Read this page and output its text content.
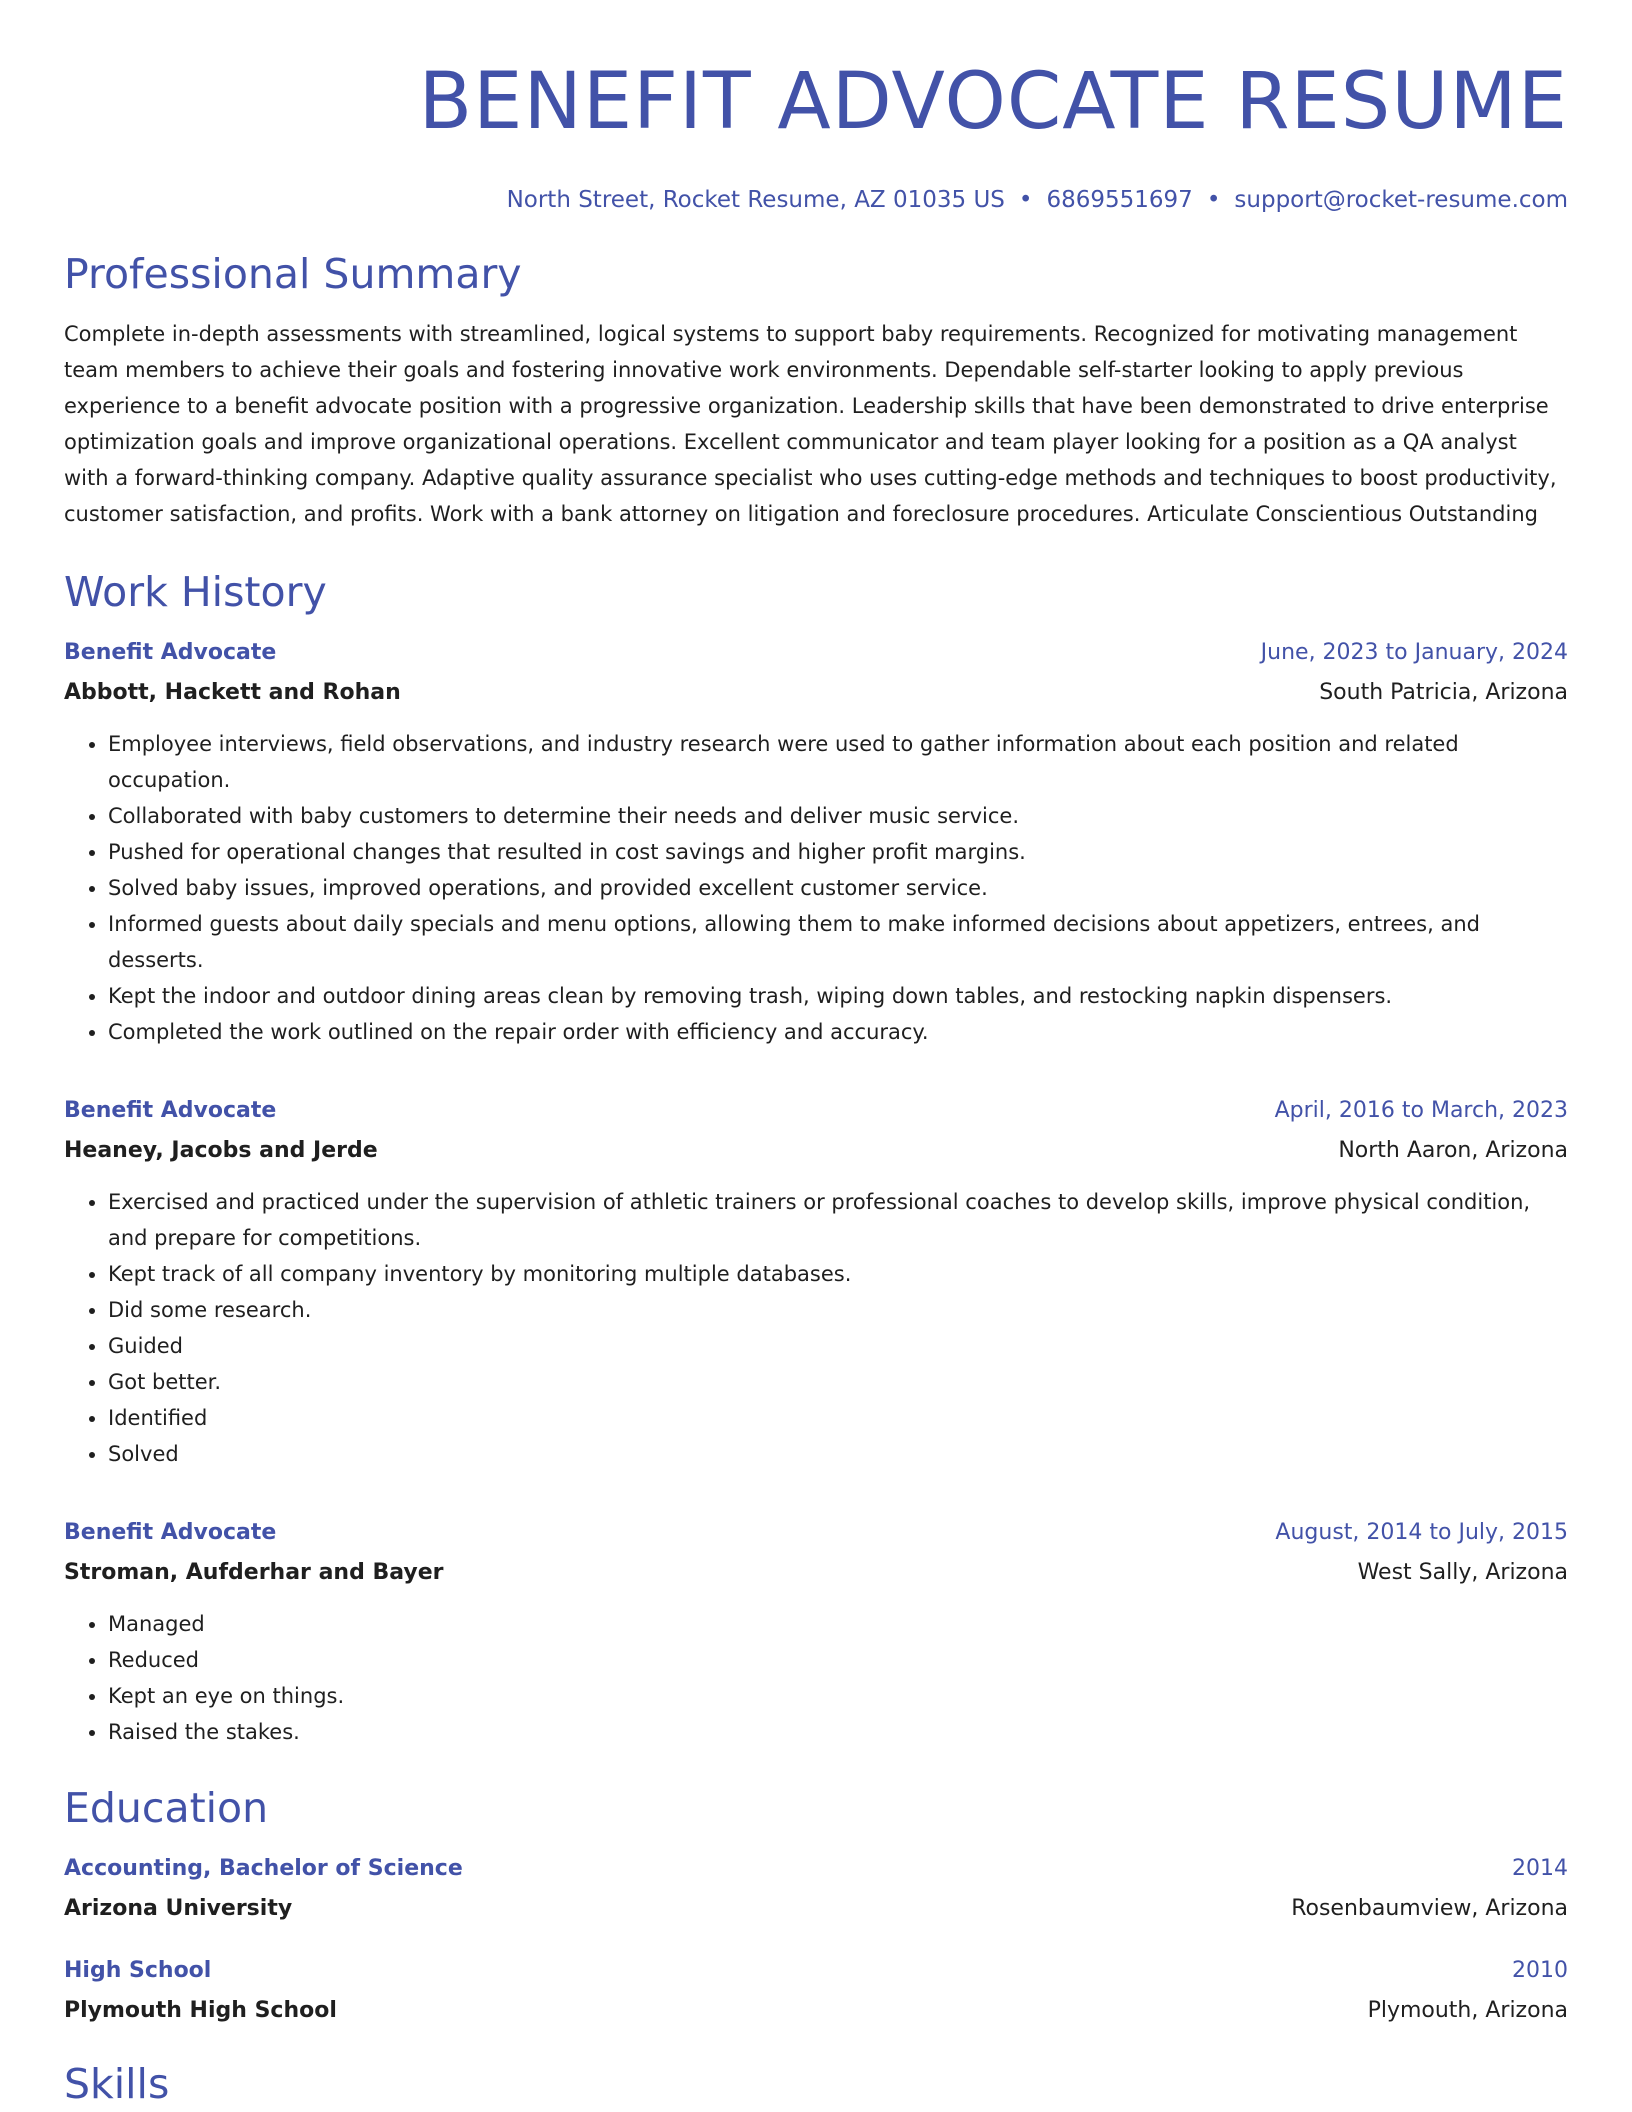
BENEFIT ADVOCATE RESUME
North Street, Rocket Resume, AZ 01035 US • 6869551697 • support@rocket-resume.com
Professional Summary
Complete in-depth assessments with streamlined, logical systems to support baby requirements. Recognized for motivating management team members to achieve their goals and fostering innovative work environments. Dependable self-starter looking to apply previous experience to a benefit advocate position with a progressive organization. Leadership skills that have been demonstrated to drive enterprise optimization goals and improve organizational operations. Excellent communicator and team player looking for a position as a QA analyst with a forward-thinking company. Adaptive quality assurance specialist who uses cutting-edge methods and techniques to boost productivity, customer satisfaction, and profits. Work with a bank attorney on litigation and foreclosure procedures. Articulate Conscientious Outstanding
Work History
Benefit Advocate	June, 2023 to January, 2024
Abbott, Hackett and Rohan	South Patricia, Arizona
• Employee interviews, field observations, and industry research were used to gather information about each position and related occupation.
• Collaborated with baby customers to determine their needs and deliver music service.
• Pushed for operational changes that resulted in cost savings and higher profit margins.
• Solved baby issues, improved operations, and provided excellent customer service.
• Informed guests about daily specials and menu options, allowing them to make informed decisions about appetizers, entrees, and desserts.
• Kept the indoor and outdoor dining areas clean by removing trash, wiping down tables, and restocking napkin dispensers.
• Completed the work outlined on the repair order with efficiency and accuracy.
Benefit Advocate	April, 2016 to March, 2023
Heaney, Jacobs and Jerde	North Aaron, Arizona
• Exercised and practiced under the supervision of athletic trainers or professional coaches to develop skills, improve physical condition, and prepare for competitions.
• Kept track of all company inventory by monitoring multiple databases.
• Did some research.
• Guided
• Got better.
• Identified
• Solved
Benefit Advocate	August, 2014 to July, 2015
Stroman, Aufderhar and Bayer	West Sally, Arizona
• Managed
• Reduced
• Kept an eye on things.
• Raised the stakes.
Education
Accounting, Bachelor of Science	2014
Arizona University	Rosenbaumview, Arizona
High School	2010
Plymouth High School	Plymouth, Arizona
Skills
